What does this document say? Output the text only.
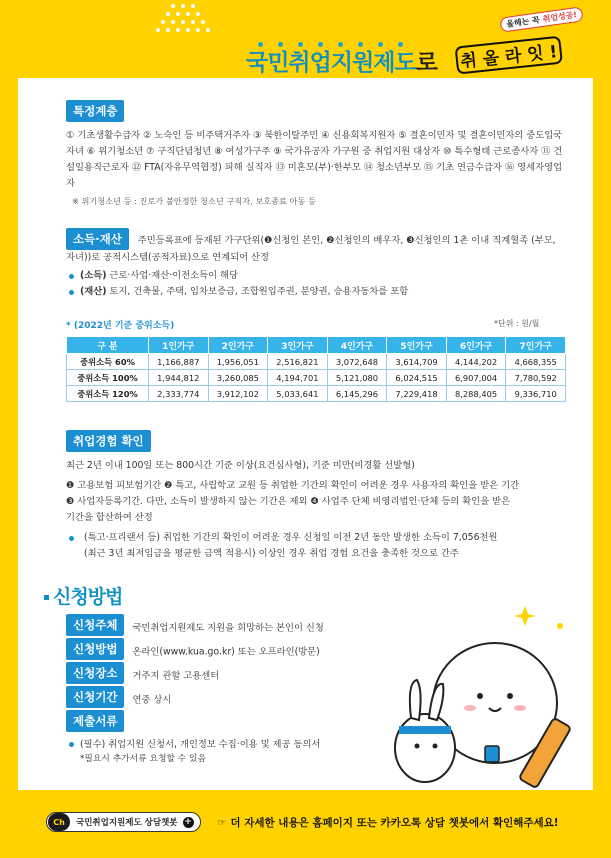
국민취업지원제도로
올해는 꼭 취업성공!
취 올 라 잇 !
특정계층
① 기초생활수급자 ② 노숙인 등 비주택거주자 ③ 북한이탈주민 ④ 신용회복지원자 ⑤ 결혼이민자 및 결혼이민자의 중도입국자녀 ⑥ 위기청소년 ⑦ 구직단념청년 ⑧ 여성가구주 ⑨ 국가유공자 가구원 중 취업지원 대상자 ⑩ 특수형태 근로종사자 ⑪ 건설일용직근로자 ⑫ FTA(자유무역협정) 피해 실직자 ⑬ 미혼모(부)·한부모 ⑭ 청소년부모 ⑮ 기초 연금수급자 ⑯ 영세자영업자
※ 위기청소년 등 : 진로가 불안정한 청소년 구직자, 보호종료 아동 등
소득·재산 주민등록표에 등재된 가구단위(❶신청인 본인, ❷신청인의 배우자, ❸신청인의 1촌 이내 직계혈족 (부모, 자녀))로 공적시스템(공적자료)으로 연계되어 산정
(소득) 근로·사업·재산·이전소득이 해당
(재산) 토지, 건축물, 주택, 임차보증금, 조합원입주권, 분양권, 승용자동차를 포함
* (2022년 기준 중위소득)	*단위 : 원/월
구 분	1인가구	2인가구	3인가구	4인가구	5인가구	6인가구	7인가구
중위소득 60%	1,166,887	1,956,051	2,516,821	3,072,648	3,614,709	4,144,202	4,668,355
중위소득 100%	1,944,812	3,260,085	4,194,701	5,121,080	6,024,515	6,907,004	7,780,592
중위소득 120%	2,333,774	3,912,102	5,033,641	6,145,296	7,229,418	8,288,405	9,336,710
취업경험 확인
최근 2년 이내 100일 또는 800시간 기준 이상(요건심사형), 기준 미만(비경활 선발형)
❶ 고용보험 피보험기간 ❷ 특고, 사립학교 교원 등 취업한 기간의 확인이 어려운 경우 사용자의 확인을 받은 기간
❸ 사업자등록기간. 다만, 소득이 발생하지 않는 기간은 제외 ❹ 사업주 단체 비영리법인·단체 등의 확인을 받은
기간을 합산하여 산정
(특고·프리랜서 등) 취업한 기간의 확인이 어려운 경우 신청일 이전 2년 동안 발생한 소득이 7,056천원
(최근 3년 최저임금을 평균한 금액 적용시) 이상인 경우 취업 경험 요건을 충족한 것으로 간주
신청방법
신청주체 국민취업지원제도 지원을 희망하는 본인이 신청
신청방법 온라인(www.kua.go.kr) 또는 오프라인(방문)
신청장소 거주지 관할 고용센터
신청기간 연중 상시
제출서류
(필수) 취업지원 신청서, 개인정보 수집·이용 및 제공 동의서
*필요시 추가서류 요청할 수 있음
Ch	국민취업지원제도 상담챗봇 + ☞ 더 자세한 내용은 홈페이지 또는 카카오톡 상담 챗봇에서 확인해주세요!
